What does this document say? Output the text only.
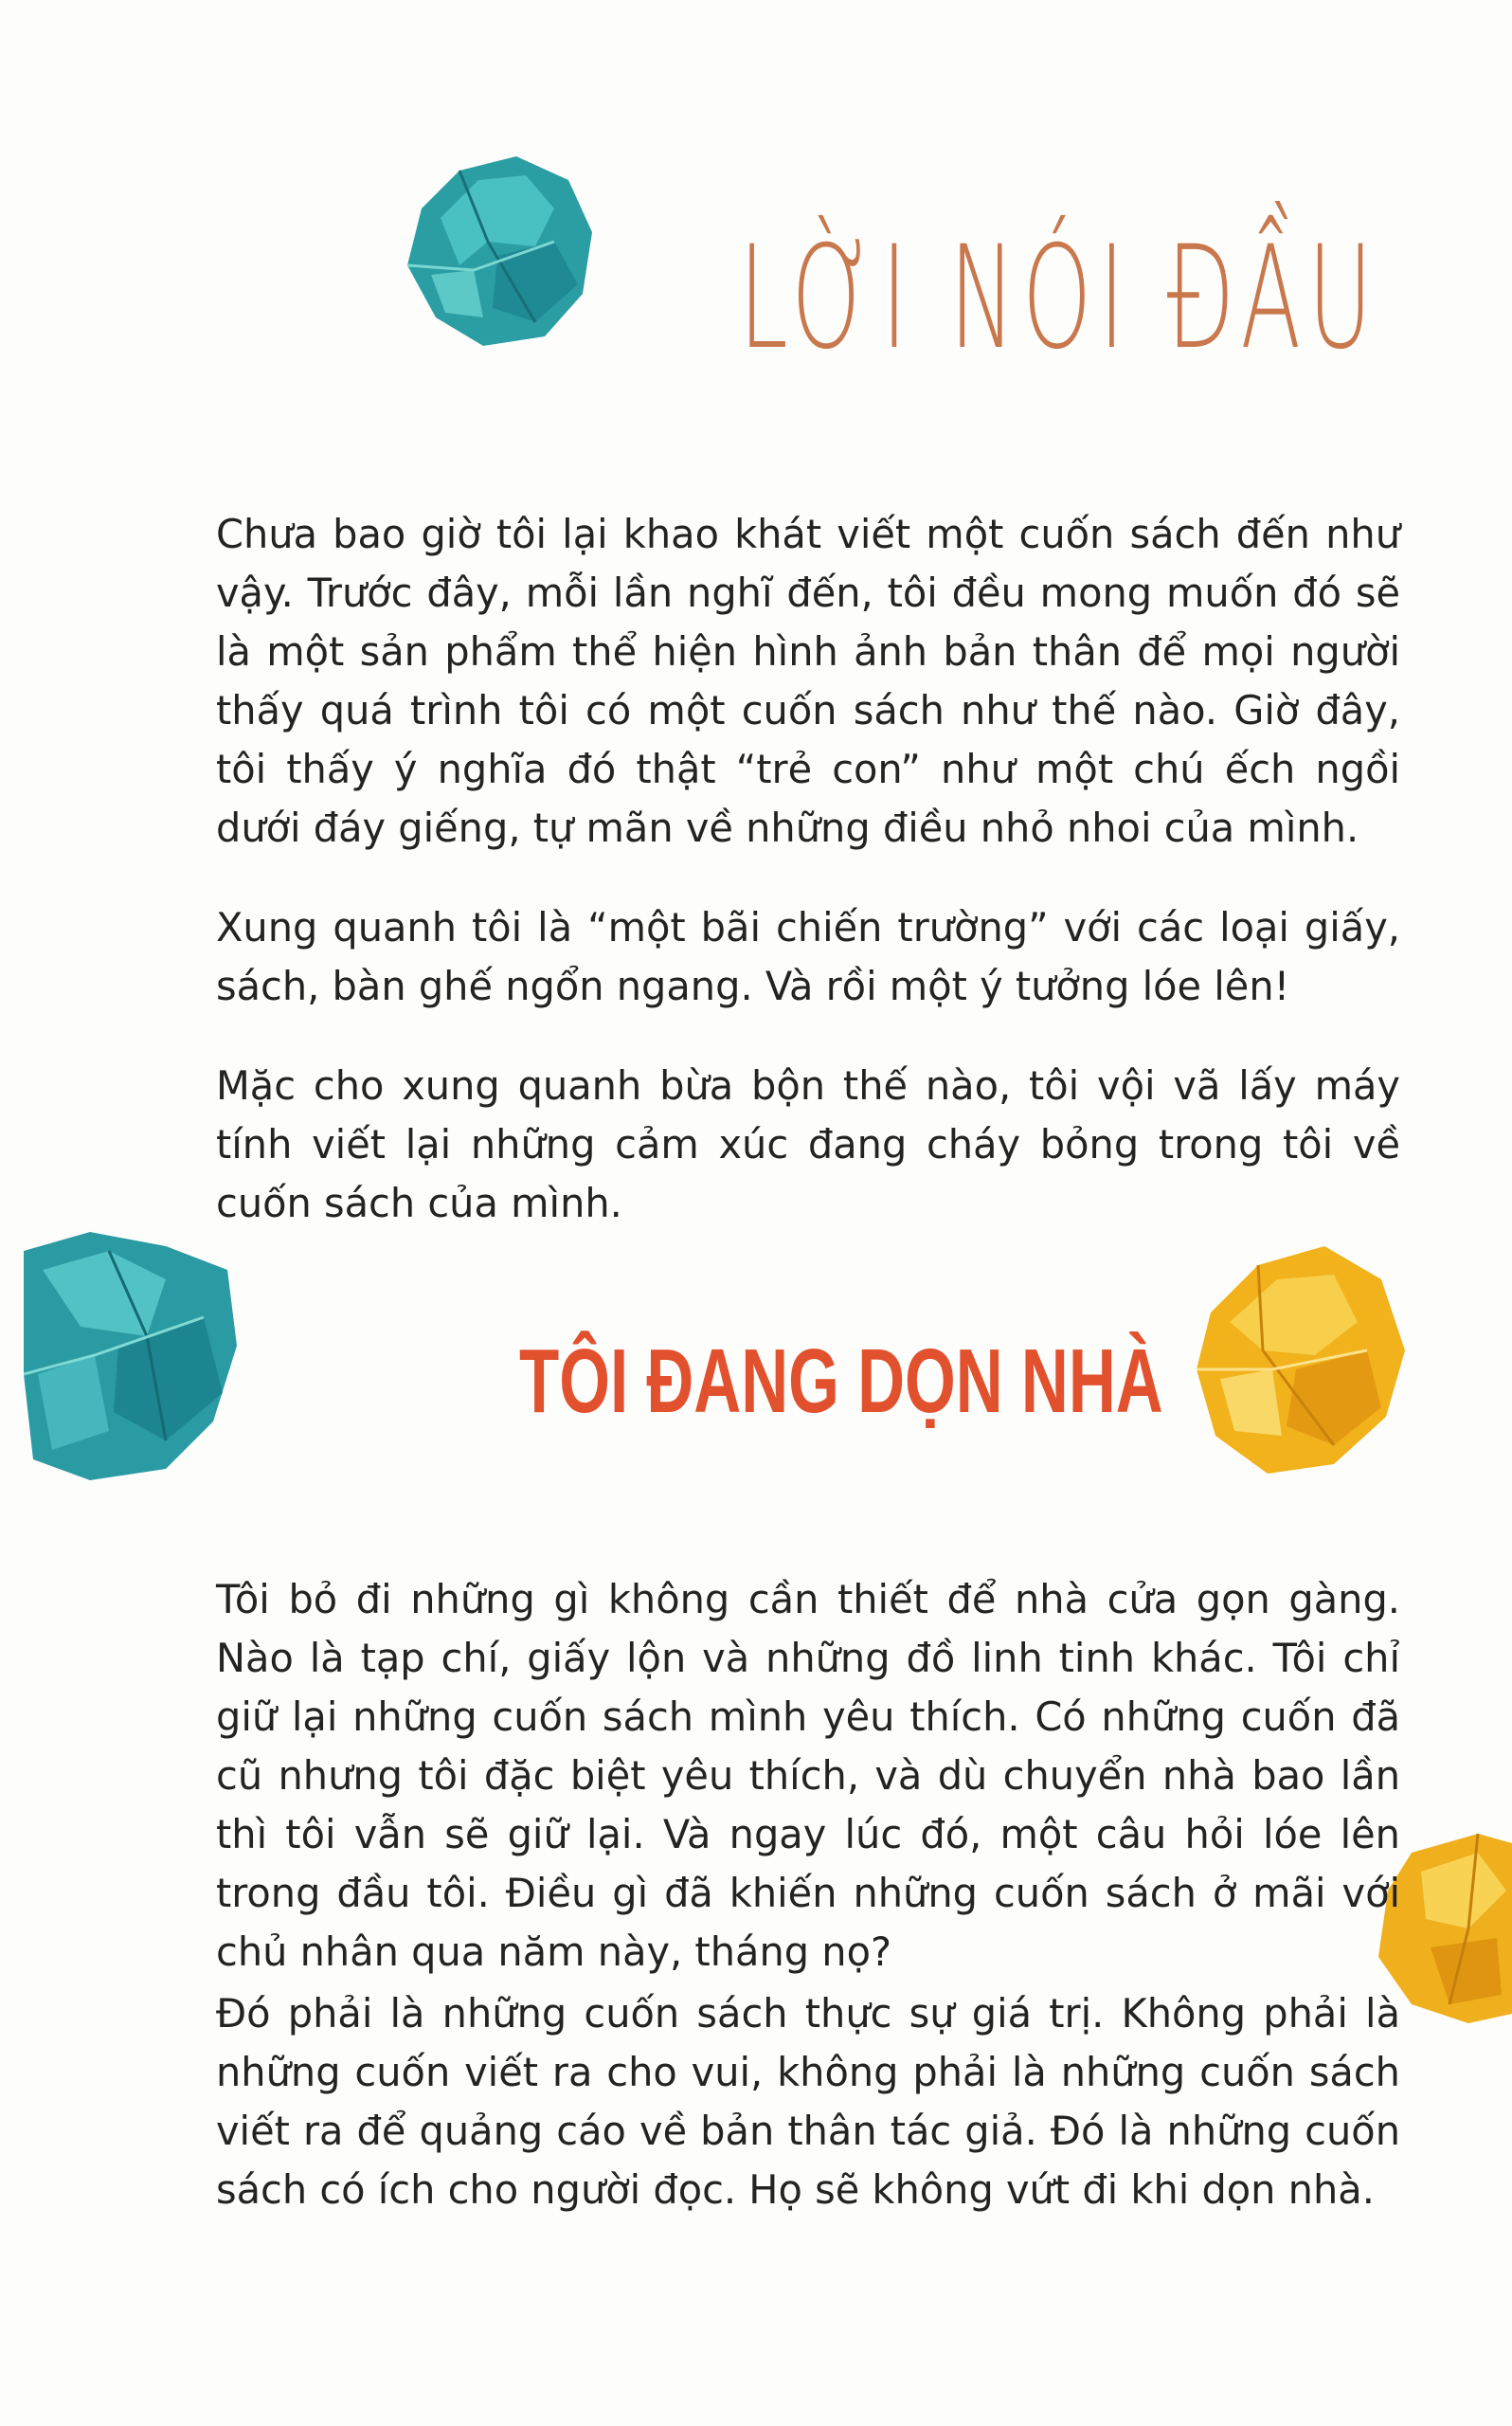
LỜI NÓI ĐẦU

Chưa bao giờ tôi lại khao khát viết một cuốn sách đến như vậy. Trước đây, mỗi lần nghĩ đến, tôi đều mong muốn đó sẽ là một sản phẩm thể hiện hình ảnh bản thân để mọi người thấy quá trình tôi có một cuốn sách như thế nào. Giờ đây, tôi thấy ý nghĩa đó thật “trẻ con” như một chú ếch ngồi dưới đáy giếng, tự mãn về những điều nhỏ nhoi của mình.

Xung quanh tôi là “một bãi chiến trường” với các loại giấy, sách, bàn ghế ngổn ngang. Và rồi một ý tưởng lóe lên!

Mặc cho xung quanh bừa bộn thế nào, tôi vội vã lấy máy tính viết lại những cảm xúc đang cháy bỏng trong tôi về cuốn sách của mình.

TÔI ĐANG DỌN NHÀ

Tôi bỏ đi những gì không cần thiết để nhà cửa gọn gàng. Nào là tạp chí, giấy lộn và những đồ linh tinh khác. Tôi chỉ giữ lại những cuốn sách mình yêu thích. Có những cuốn đã cũ nhưng tôi đặc biệt yêu thích, và dù chuyển nhà bao lần thì tôi vẫn sẽ giữ lại. Và ngay lúc đó, một câu hỏi lóe lên trong đầu tôi. Điều gì đã khiến những cuốn sách ở mãi với chủ nhân qua năm này, tháng nọ?

Đó phải là những cuốn sách thực sự giá trị. Không phải là những cuốn viết ra cho vui, không phải là những cuốn sách viết ra để quảng cáo về bản thân tác giả. Đó là những cuốn sách có ích cho người đọc. Họ sẽ không vứt đi khi dọn nhà.
